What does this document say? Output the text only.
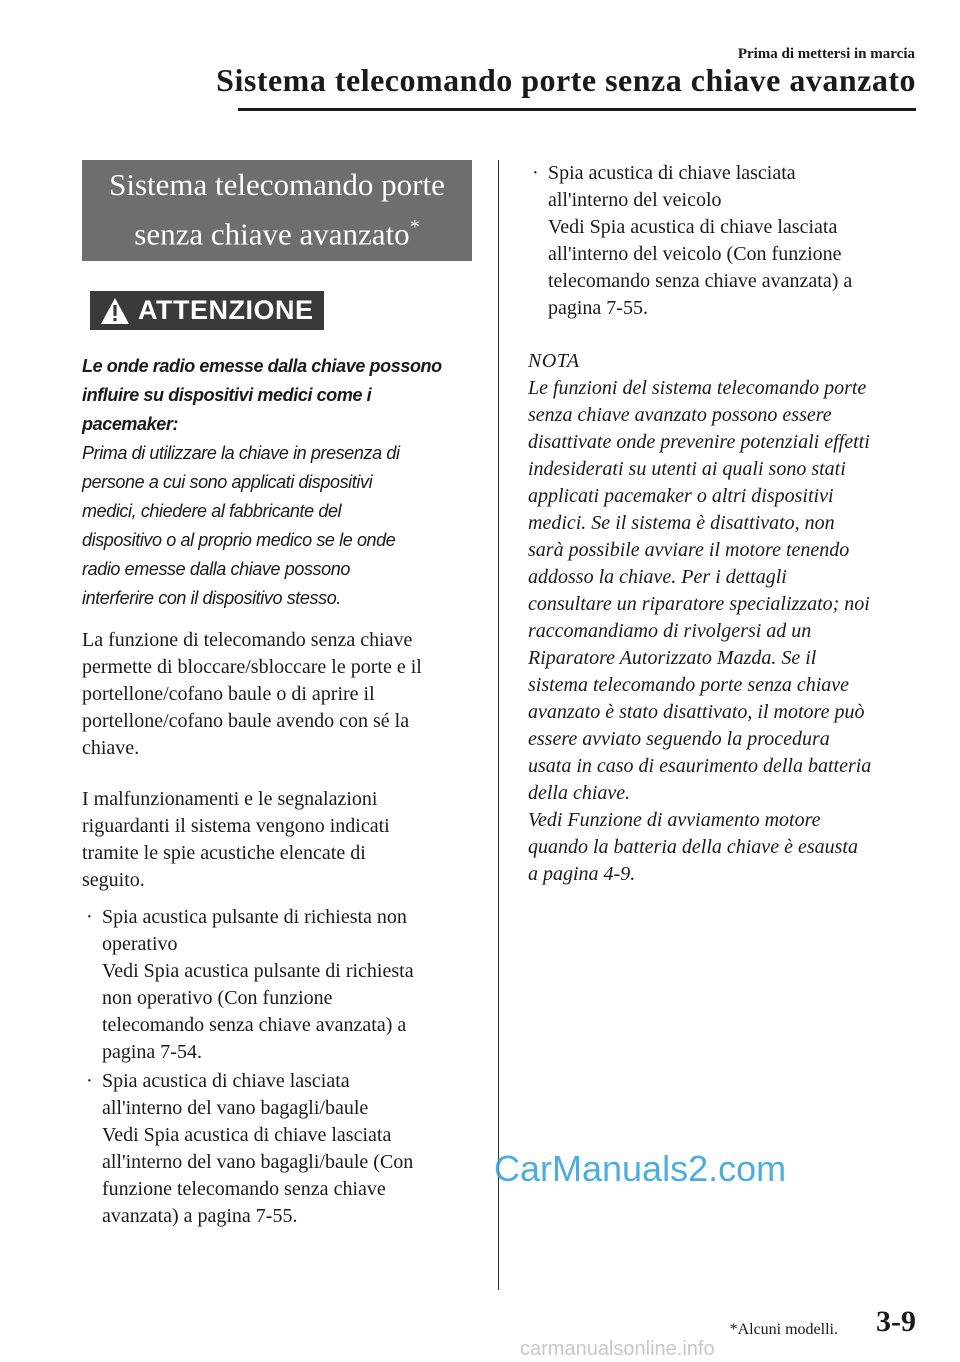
Prima di mettersi in marcia
Sistema telecomando porte senza chiave avanzato
Sistema telecomando porte
senza chiave avanzato*
ATTENZIONE

Le onde radio emesse dalla chiave possono
influire su dispositivi medici come i
pacemaker:

Prima di utilizzare la chiave in presenza di
persone a cui sono applicati dispositivi
medici, chiedere al fabbricante del
dispositivo o al proprio medico se le onde
radio emesse dalla chiave possono
interferire con il dispositivo stesso.

La funzione di telecomando senza chiave
permette di bloccare/sbloccare le porte e il
portellone/cofano baule o di aprire il
portellone/cofano baule avendo con sé la
chiave.

I malfunzionamenti e le segnalazioni
riguardanti il sistema vengono indicati
tramite le spie acustiche elencate di
seguito.

· Spia acustica pulsante di richiesta non
operativo
Vedi Spia acustica pulsante di richiesta
non operativo (Con funzione
telecomando senza chiave avanzata) a
pagina 7-54.
· Spia acustica di chiave lasciata
all'interno del vano bagagli/baule
Vedi Spia acustica di chiave lasciata
all'interno del vano bagagli/baule (Con
funzione telecomando senza chiave
avanzata) a pagina 7-55.
· Spia acustica di chiave lasciata
all'interno del veicolo
Vedi Spia acustica di chiave lasciata
all'interno del veicolo (Con funzione
telecomando senza chiave avanzata) a
pagina 7-55.

NOTA

Le funzioni del sistema telecomando porte
senza chiave avanzato possono essere
disattivate onde prevenire potenziali effetti
indesiderati su utenti ai quali sono stati
applicati pacemaker o altri dispositivi
medici. Se il sistema è disattivato, non
sarà possibile avviare il motore tenendo
addosso la chiave. Per i dettagli
consultare un riparatore specializzato; noi
raccomandiamo di rivolgersi ad un
Riparatore Autorizzato Mazda. Se il
sistema telecomando porte senza chiave
avanzato è stato disattivato, il motore può
essere avviato seguendo la procedura
usata in caso di esaurimento della batteria
della chiave.
Vedi Funzione di avviamento motore
quando la batteria della chiave è esausta
a pagina 4-9.

CarManuals2.com
carmanualsonline.info
*Alcuni modelli. 3-9
